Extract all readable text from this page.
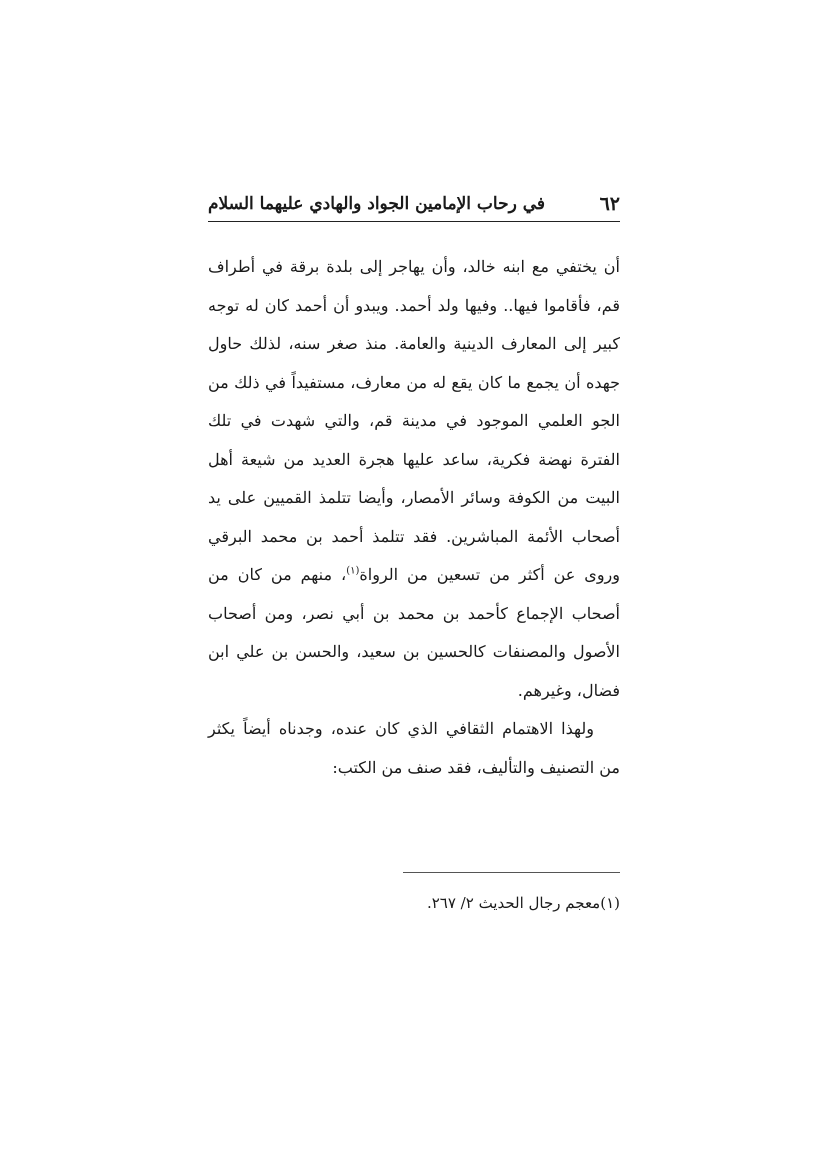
٦٢
في رحاب الإمامين الجواد والهادي عليهما السلام

أن يختفي مع ابنه خالد، وأن يهاجر إلى بلدة برقة في أطراف قم، فأقاموا فيها.. وفيها ولد أحمد. ويبدو أن أحمد كان له توجه كبير إلى المعارف الدينية والعامة. منذ صغر سنه، لذلك حاول جهده أن يجمع ما كان يقع له من معارف، مستفيداً في ذلك من الجو العلمي الموجود في مدينة قم، والتي شهدت في تلك الفترة نهضة فكرية، ساعد عليها هجرة العديد من شيعة أهل البيت من الكوفة وسائر الأمصار، وأيضا تتلمذ القميين على يد أصحاب الأئمة المباشرين. فقد تتلمذ أحمد بن محمد البرقي وروى عن أكثر من تسعين من الرواة$^{(١)}$، منهم من كان من أصحاب الإجماع كأحمد بن محمد بن أبي نصر، ومن أصحاب الأصول والمصنفات كالحسين بن سعيد، والحسن بن علي ابن فضال، وغيرهم.

ولهذا الاهتمام الثقافي الذي كان عنده، وجدناه أيضاً يكثر من التصنيف والتأليف، فقد صنف من الكتب:

(١)معجم رجال الحديث ٢/ ٢٦٧.
